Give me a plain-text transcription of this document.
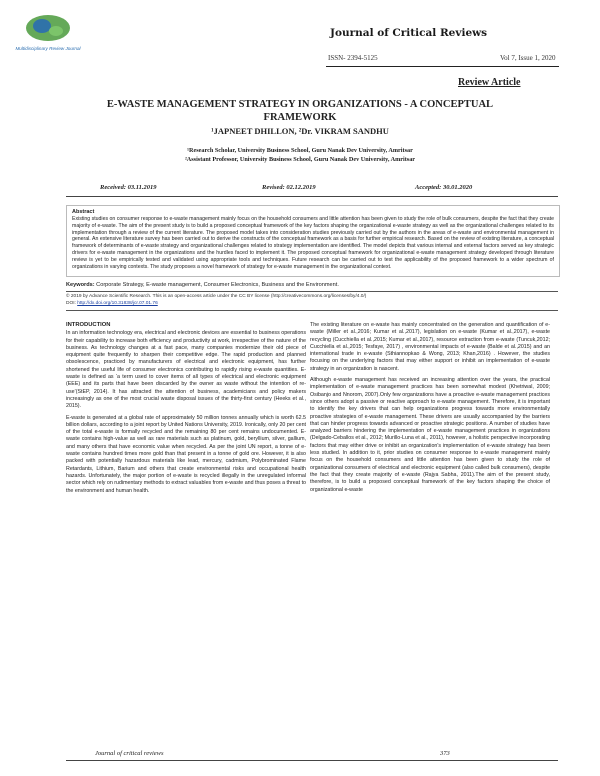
Multidisciplinary Review Journal
Journal of Critical Reviews
ISSN- 2394-5125	Vol 7, Issue 1, 2020
Review Article
E-WASTE MANAGEMENT STRATEGY IN ORGANIZATIONS - A CONCEPTUAL FRAMEWORK
¹JAPNEET DHILLON, ²Dr. VIKRAM SANDHU
¹Research Scholar, University Business School, Guru Nanak Dev University, Amritsar
²Assistant Professor, University Business School, Guru Nanak Dev University, Amritsar
Received: 03.11.2019	Revised: 02.12.2019	Accepted: 30.01.2020
Abstract
Existing studies on consumer response to e-waste management mainly focus on the household consumers and little attention has been given to study the role of bulk consumers, despite the fact that they create majority of e-waste. The aim of the present study is to build a proposed conceptual framework of the key factors shaping the organizational e-waste strategy as well as the organizational challenges related to its implementation through a review of the current literature. The proposed model takes into consideration studies previously carried out by the authors in the areas of e-waste and environmental management in general. An extensive literature survey has been carried out to derive the constructs of the conceptual framework as a basis for further empirical research. Based on the review of existing literature, a conceptual framework of determinants of e-waste strategy and organizational challenges related to strategy implementation are identified. The model depicts that various internal and external factors served as key strategic drivers for e-waste management in the organizations and the hurdles faced to implement it. The proposed conceptual framework for organizational e-waste management strategy developed through literature review is yet to be empirically tested and validated using appropriate tools and techniques. Future research can be carried out to test the applicability of the proposed framework to a wider spectrum of organizations in varying contexts. The study proposes a novel framework of strategy for e-waste management in the organizational context.
Keywords: Corporate Strategy, E-waste management, Consumer Electronics, Business and the Environment.
© 2019 by Advance Scientific Research. This is an open-access article under the CC BY license (http://creativecommons.org/licenses/by/4.0/)
DOI: http://dx.doi.org/10.31838/jcr.07.01.76
INTRODUCTION

In an information technology era, electrical and electronic devices are essential to business operations for their capability to increase both efficiency and productivity at work, irrespective of the nature of the business. As technology changes at a fast pace, many companies modernize their old piece of equipment quite frequently to sharpen their competitive edge. The rapid production and planned obsolescence, practiced by manufacturers of electrical and electronic equipment, has further shortened the useful life of consumer electronics contributing to rapidly rising e-waste quantities. E-waste is defined as ‘a term used to cover items of all types of electrical and electronic equipment (EEE) and its parts that have been discarded by the owner as waste without the intention of re-use’(StEP, 2014). It has attracted the attention of business, academicians and policy makers increasingly as one of the most crucial waste disposal issues of the thirty-first century (Heeks et al., 2015).

E-waste is generated at a global rate of approximately 50 million tonnes annually which is worth 62.5 billion dollars, according to a joint report by United Nations University, 2019. Ironically, only 20 per cent of the total e-waste is formally recycled and the remaining 80 per cent remains undocumented. E-waste contains high-value as well as rare materials such as platinum, gold, beryllium, silver, gallium, and many others that have economic value when recycled. As per the joint UN report, a tonne of e-waste contains hundred times more gold than that present in a tonne of gold ore. However, it is also packed with potentially hazardous materials like lead, mercury, cadmium, Polybrominated Flame Retardants, Lithium, Barium and others that create environmental risks and occupational health hazards. Unfortunately, the major portion of e-waste is recycled illegally in the unregulated informal sector which rely on rudimentary methods to extract valuables from e-waste and thus poses a threat to the environment and human health.

The existing literature on e-waste has mainly concentrated on the generation and quantification of e-waste (Miller et al.,2016; Kumar et al.,2017), legislation on e-waste (Kumar et al.,2017), e-waste recycling (Cucchiella et al.,2015; Kumar et al.,2017), resource extraction from e-waste (Tuncuk,2012; Cucchiella et al.,2015; Tesfaye, 2017) , environmental impacts of e-waste (Balde et al.,2015) and an international trade in e-waste (Sthiannopkao & Wong, 2013; Khan,2016) . However, the studies focusing on the underlying factors that may either support or inhibit an implementation of e-waste strategy in an organization is nascent.

Although e-waste management has received an increasing attention over the years, the practical implementation of e-waste management practices has been somewhat modest (Khetriwal, 2009; Osibanjo and Nnorom, 2007).Only few organizations have a proactive e-waste management practices since others adopt a passive or reactive approach to e-waste management. Therefore, it is important to identify the key drivers that can help organizations progress towards more environmentally proactive strategies of e-waste management. These drivers are usually accompanied by the barriers that can hinder progress towards advanced or proactive strategic positions. A number of studies have analyzed barriers hindering the implementation of e-waste management practices in organizations (Delgado-Ceballos et al., 2012; Murillo-Luna et al., 2011), however, a holistic perspective incorporating factors that may either drive or inhibit an organization's implementation of e-waste strategy has been less studied. In addition to it, prior studies on consumer response to e-waste management mainly focus on the household consumers and little attention has been given to study the role of organizational consumers of electrical and electronic equipment (also called bulk consumers), despite the fact that they create majority of e-waste (Rajya Sabha, 2011).The aim of the present study, therefore, is to build a proposed conceptual framework of the key factors shaping the choice of organizational e-waste

Journal of critical reviews	373
